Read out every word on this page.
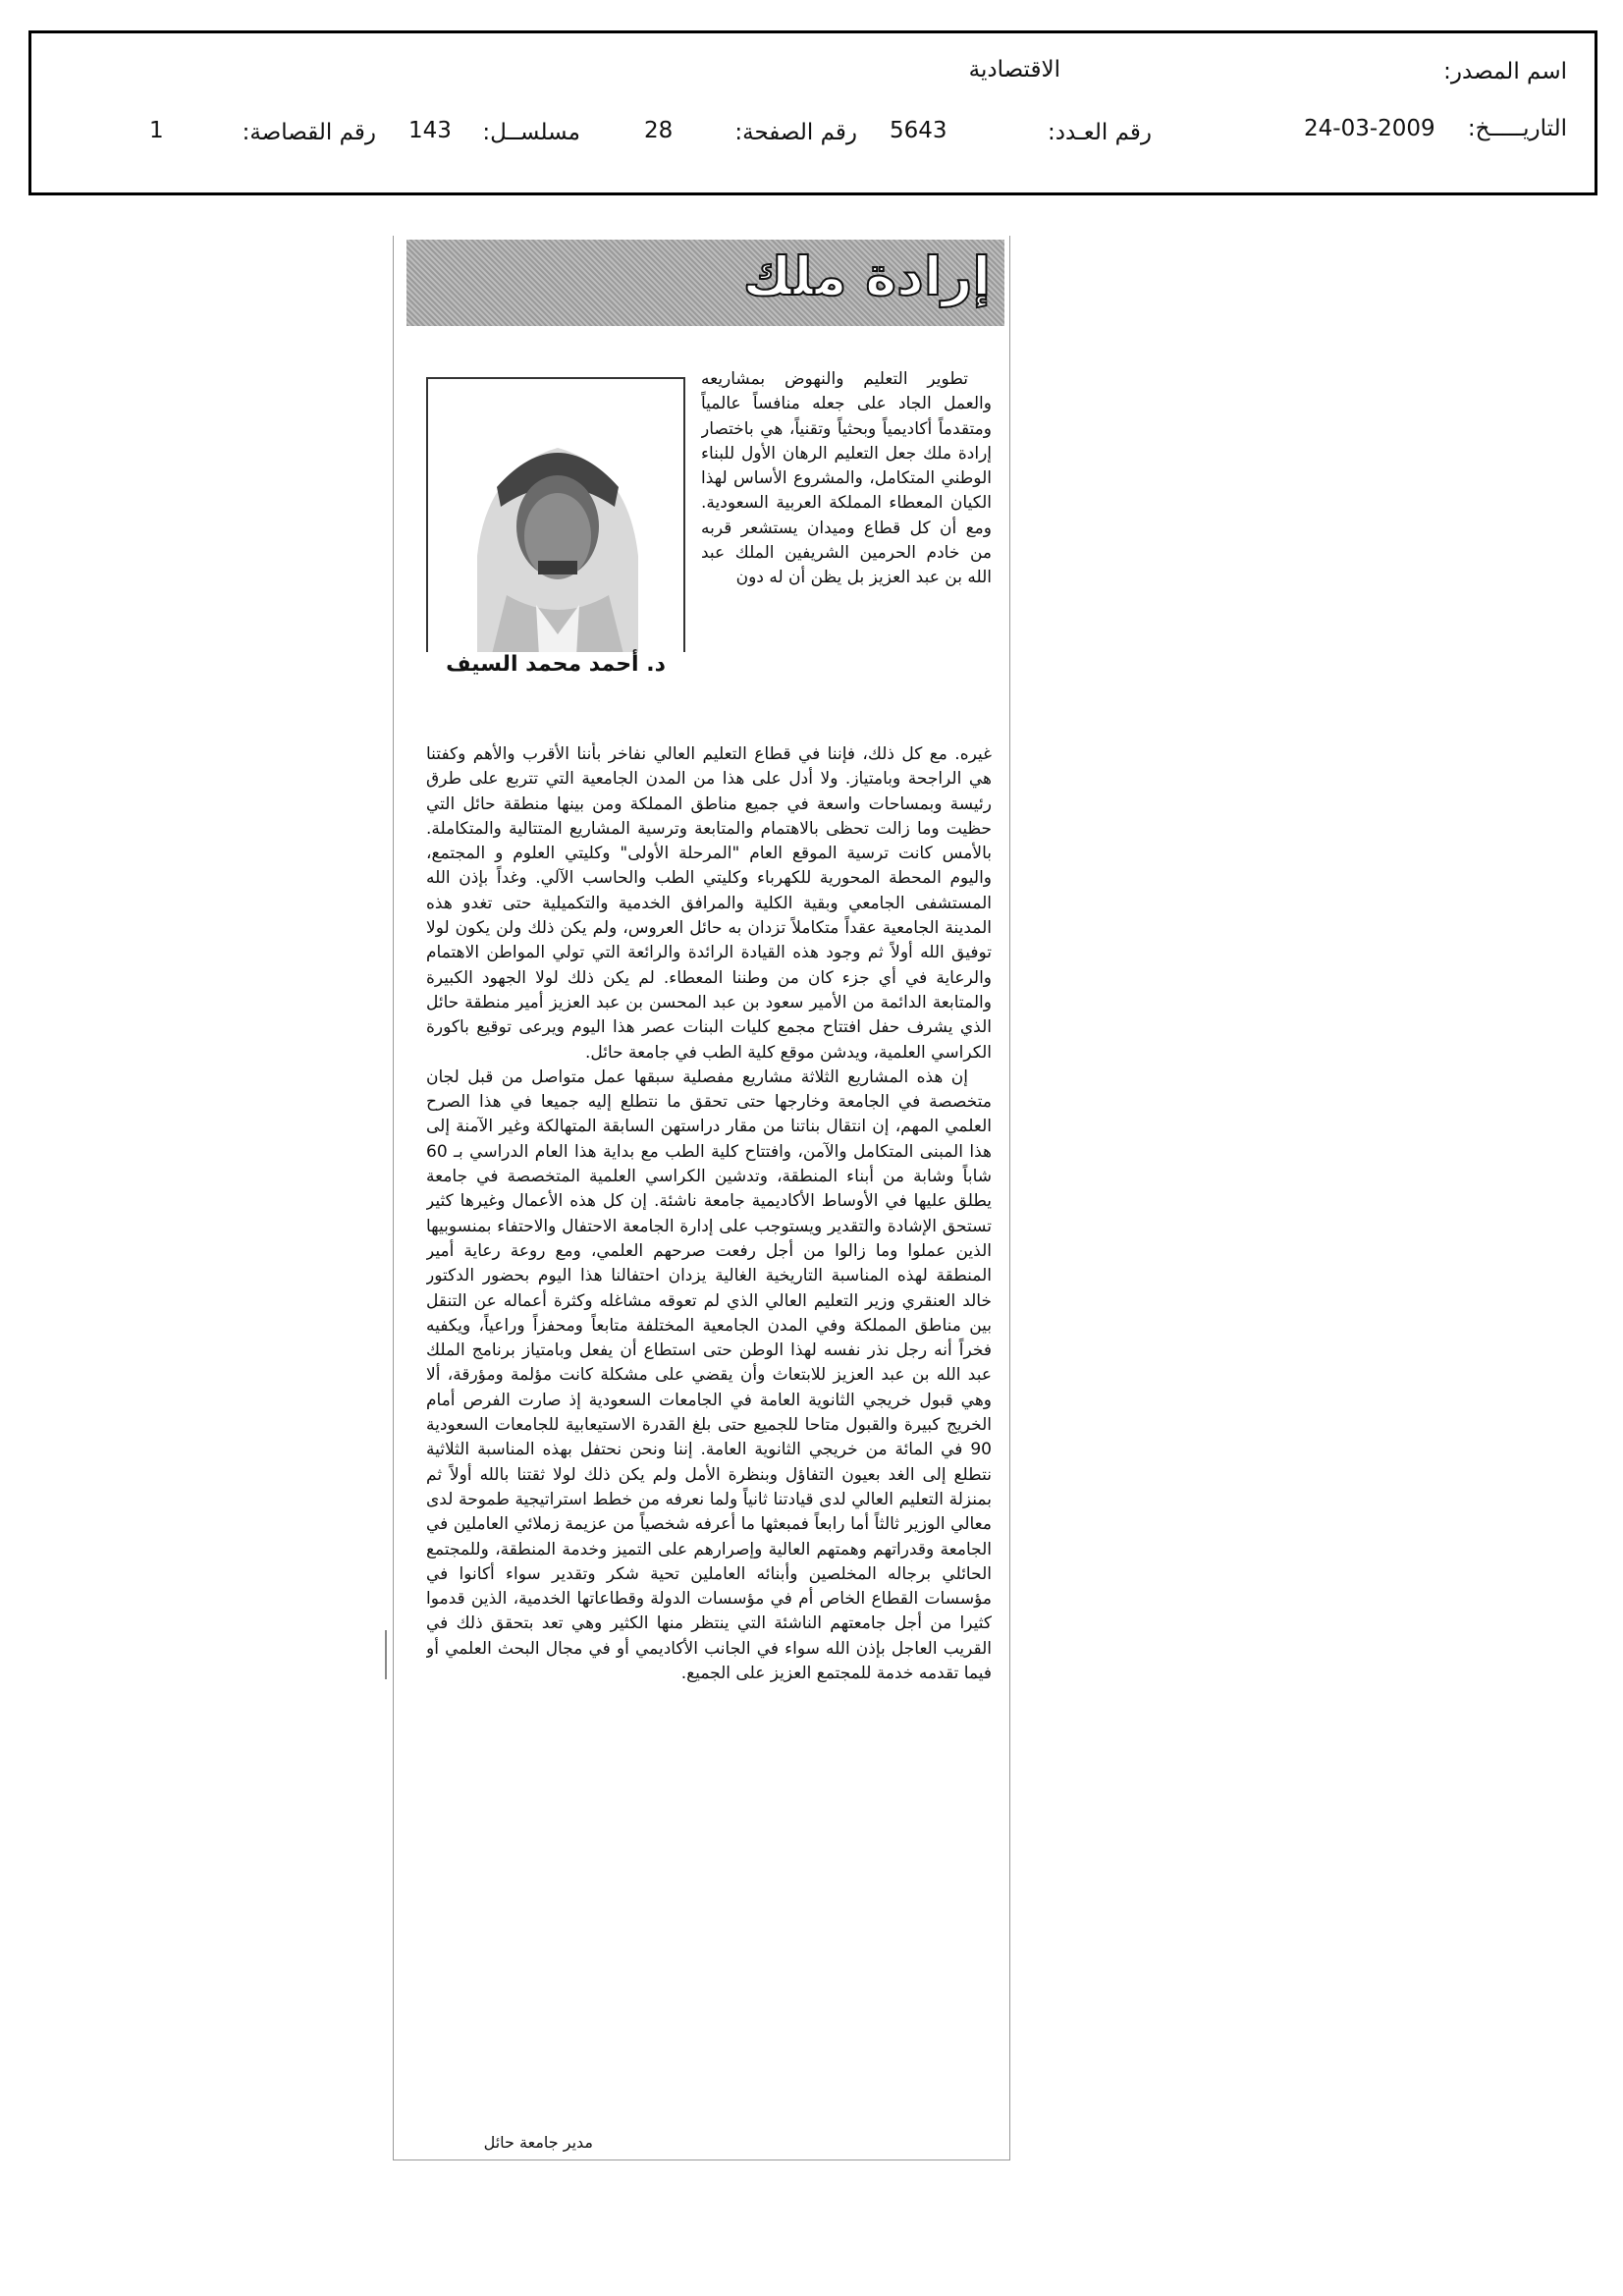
اسم المصدر:
الاقتصادية
التاريـــــخ:
24-03-2009
رقم العـدد:
5643
رقم الصفحة:
28
مسلســل:
143
رقم القصاصة:
1
إرادة ملك
د. أحمد محمد السيف

تطوير التعليم والنهوض بمشاريعه والعمل الجاد على جعله منافساً عالمياً ومتقدماً أكاديمياً وبحثياً وتقنياً، هي باختصار إرادة ملك جعل التعليم الرهان الأول للبناء الوطني المتكامل، والمشروع الأساس لهذا الكيان المعطاء المملكة العربية السعودية. ومع أن كل قطاع وميدان يستشعر قربه من خادم الحرمين الشريفين الملك عبد الله بن عبد العزيز بل يظن أن له دون

غيره. مع كل ذلك، فإننا في قطاع التعليم العالي نفاخر بأننا الأقرب والأهم وكفتنا هي الراجحة وبامتياز. ولا أدل على هذا من المدن الجامعية التي تتربع على طرق رئيسة وبمساحات واسعة في جميع مناطق المملكة ومن بينها منطقة حائل التي حظيت وما زالت تحظى بالاهتمام والمتابعة وترسية المشاريع المتتالية والمتكاملة. بالأمس كانت ترسية الموقع العام "المرحلة الأولى" وكليتي العلوم و المجتمع، واليوم المحطة المحورية للكهرباء وكليتي الطب والحاسب الآلي. وغداً بإذن الله المستشفى الجامعي وبقية الكلية والمرافق الخدمية والتكميلية حتى تغدو هذه المدينة الجامعية عقداً متكاملاً تزدان به حائل العروس، ولم يكن ذلك ولن يكون لولا توفيق الله أولاً ثم وجود هذه القيادة الرائدة والرائعة التي تولي المواطن الاهتمام والرعاية في أي جزء كان من وطننا المعطاء. لم يكن ذلك لولا الجهود الكبيرة والمتابعة الدائمة من الأمير سعود بن عبد المحسن بن عبد العزيز أمير منطقة حائل الذي يشرف حفل افتتاح مجمع كليات البنات عصر هذا اليوم ويرعى توقيع باكورة الكراسي العلمية، ويدشن موقع كلية الطب في جامعة حائل.

إن هذه المشاريع الثلاثة مشاريع مفصلية سبقها عمل متواصل من قبل لجان متخصصة في الجامعة وخارجها حتى تحقق ما نتطلع إليه جميعا في هذا الصرح العلمي المهم، إن انتقال بناتنا من مقار دراستهن السابقة المتهالكة وغير الآمنة إلى هذا المبنى المتكامل والآمن، وافتتاح كلية الطب مع بداية هذا العام الدراسي بـ 60 شاباً وشابة من أبناء المنطقة، وتدشين الكراسي العلمية المتخصصة في جامعة يطلق عليها في الأوساط الأكاديمية جامعة ناشئة. إن كل هذه الأعمال وغيرها كثير تستحق الإشادة والتقدير ويستوجب على إدارة الجامعة الاحتفال والاحتفاء بمنسوبيها الذين عملوا وما زالوا من أجل رفعت صرحهم العلمي، ومع روعة رعاية أمير المنطقة لهذه المناسبة التاريخية الغالية يزدان احتفالنا هذا اليوم بحضور الدكتور خالد العنقري وزير التعليم العالي الذي لم تعوقه مشاغله وكثرة أعماله عن التنقل بين مناطق المملكة وفي المدن الجامعية المختلفة متابعاً ومحفزاً وراعياً، ويكفيه فخراً أنه رجل نذر نفسه لهذا الوطن حتى استطاع أن يفعل وبامتياز برنامج الملك عبد الله بن عبد العزيز للابتعاث وأن يقضي على مشكلة كانت مؤلمة ومؤرقة، ألا وهي قبول خريجي الثانوية العامة في الجامعات السعودية إذ صارت الفرص أمام الخريج كبيرة والقبول متاحا للجميع حتى بلغ القدرة الاستيعابية للجامعات السعودية 90 في المائة من خريجي الثانوية العامة. إننا ونحن نحتفل بهذه المناسبة الثلاثية نتطلع إلى الغد بعيون التفاؤل وبنظرة الأمل ولم يكن ذلك لولا ثقتنا بالله أولاً ثم بمنزلة التعليم العالي لدى قيادتنا ثانياً ولما نعرفه من خطط استراتيجية طموحة لدى معالي الوزير ثالثاً أما رابعاً فمبعثها ما أعرفه شخصياً من عزيمة زملائي العاملين في الجامعة وقدراتهم وهمتهم العالية وإصرارهم على التميز وخدمة المنطقة، وللمجتمع الحائلي برجاله المخلصين وأبنائه العاملين تحية شكر وتقدير سواء أكانوا في مؤسسات القطاع الخاص أم في مؤسسات الدولة وقطاعاتها الخدمية، الذين قدموا كثيرا من أجل جامعتهم الناشئة التي ينتظر منها الكثير وهي تعد بتحقق ذلك في القريب العاجل بإذن الله سواء في الجانب الأكاديمي أو في مجال البحث العلمي أو فيما تقدمه خدمة للمجتمع العزيز على الجميع.

مدير جامعة حائل
